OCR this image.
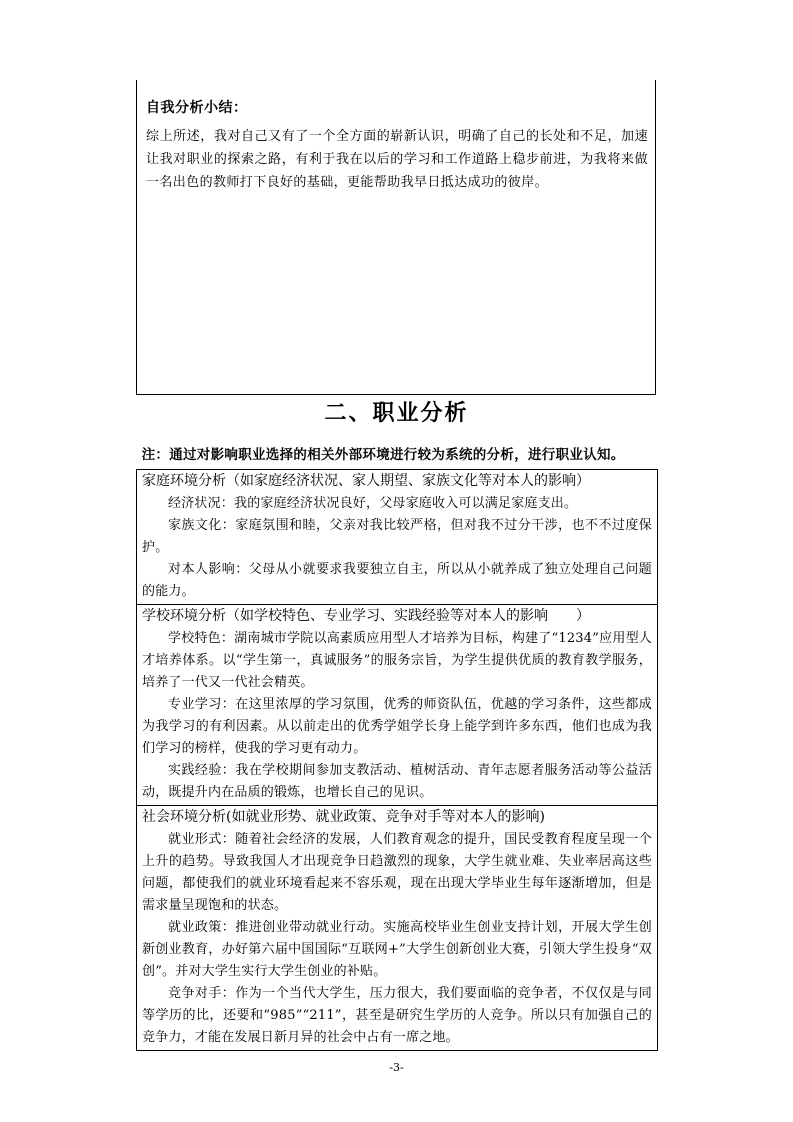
自我分析小结：
综上所述，我对自己又有了一个全方面的崭新认识，明确了自己的长处和不足，加速让我对职业的探索之路，有利于我在以后的学习和工作道路上稳步前进，为我将来做一名出色的教师打下良好的基础，更能帮助我早日抵达成功的彼岸。
二、职业分析
注：通过对影响职业选择的相关外部环境进行较为系统的分析，进行职业认知。
家庭环境分析（如家庭经济状况、家人期望、家族文化等对本人的影响）
经济状况：我的家庭经济状况良好，父母家庭收入可以满足家庭支出。
家族文化：家庭氛围和睦，父亲对我比较严格，但对我不过分干涉，也不不过度保护。
对本人影响：父母从小就要求我要独立自主，所以从小就养成了独立处理自己问题的能力。

学校环境分析（如学校特色、专业学习、实践经验等对本人的影响　　）
学校特色：湖南城市学院以高素质应用型人才培养为目标，构建了“1234”应用型人才培养体系。以“学生第一，真诚服务”的服务宗旨，为学生提供优质的教育教学服务，培养了一代又一代社会精英。
专业学习：在这里浓厚的学习氛围，优秀的师资队伍，优越的学习条件，这些都成为我学习的有利因素。从以前走出的优秀学姐学长身上能学到许多东西，他们也成为我们学习的榜样，使我的学习更有动力。
实践经验：我在学校期间参加支教活动、植树活动、青年志愿者服务活动等公益活动，既提升内在品质的锻炼，也增长自己的见识。

社会环境分析(如就业形势、就业政策、竞争对手等对本人的影响)
就业形式：随着社会经济的发展，人们教育观念的提升，国民受教育程度呈现一个上升的趋势。导致我国人才出现竞争日趋激烈的现象，大学生就业难、失业率居高这些问题，都使我们的就业环境看起来不容乐观，现在出现大学毕业生每年逐渐增加，但是需求量呈现饱和的状态。
就业政策：推进创业带动就业行动。实施高校毕业生创业支持计划，开展大学生创新创业教育，办好第六届中国国际“互联网+”大学生创新创业大赛，引领大学生投身“双创”。并对大学生实行大学生创业的补贴。
竞争对手：作为一个当代大学生，压力很大，我们要面临的竞争者，不仅仅是与同等学历的比，还要和“985”“211”，甚至是研究生学历的人竞争。所以只有加强自己的竞争力，才能在发展日新月异的社会中占有一席之地。
-3-
